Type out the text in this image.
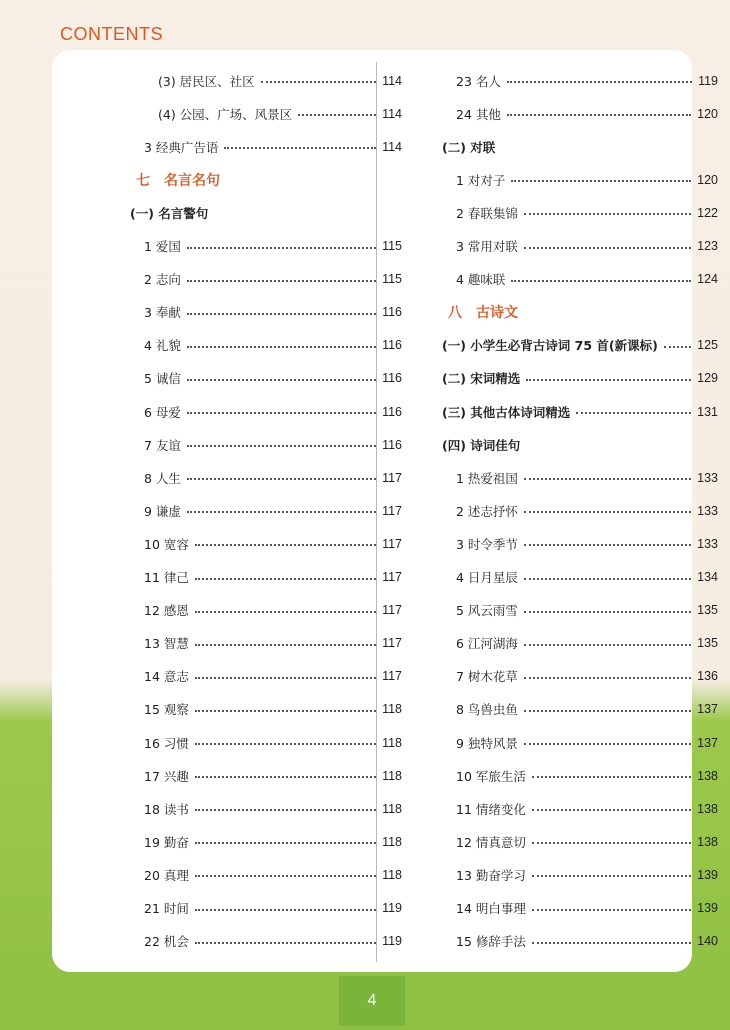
CONTENTS
(3) 居民区、社区	114
(4) 公园、广场、风景区	114
3 经典广告语	114
七　名言名句
(一) 名言警句
1 爱国	115
2 志向	115
3 奉献	116
4 礼貌	116
5 诚信	116
6 母爱	116
7 友谊	116
8 人生	117
9 谦虚	117
10 宽容	117
11 律己	117
12 感恩	117
13 智慧	117
14 意志	117
15 观察	118
16 习惯	118
17 兴趣	118
18 读书	118
19 勤奋	118
20 真理	118
21 时间	119
22 机会	119
23 名人	119
24 其他	120
(二) 对联
1 对对子	120
2 春联集锦	122
3 常用对联	123
4 趣味联	124
八　古诗文
(一) 小学生必背古诗词 75 首(新课标)	125
(二) 宋词精选	129
(三) 其他古体诗词精选	131
(四) 诗词佳句
1 热爱祖国	133
2 述志抒怀	133
3 时令季节	133
4 日月星辰	134
5 风云雨雪	135
6 江河湖海	135
7 树木花草	136
8 鸟兽虫鱼	137
9 独特风景	137
10 军旅生活	138
11 情绪变化	138
12 情真意切	138
13 勤奋学习	139
14 明白事理	139
15 修辞手法	140
4
